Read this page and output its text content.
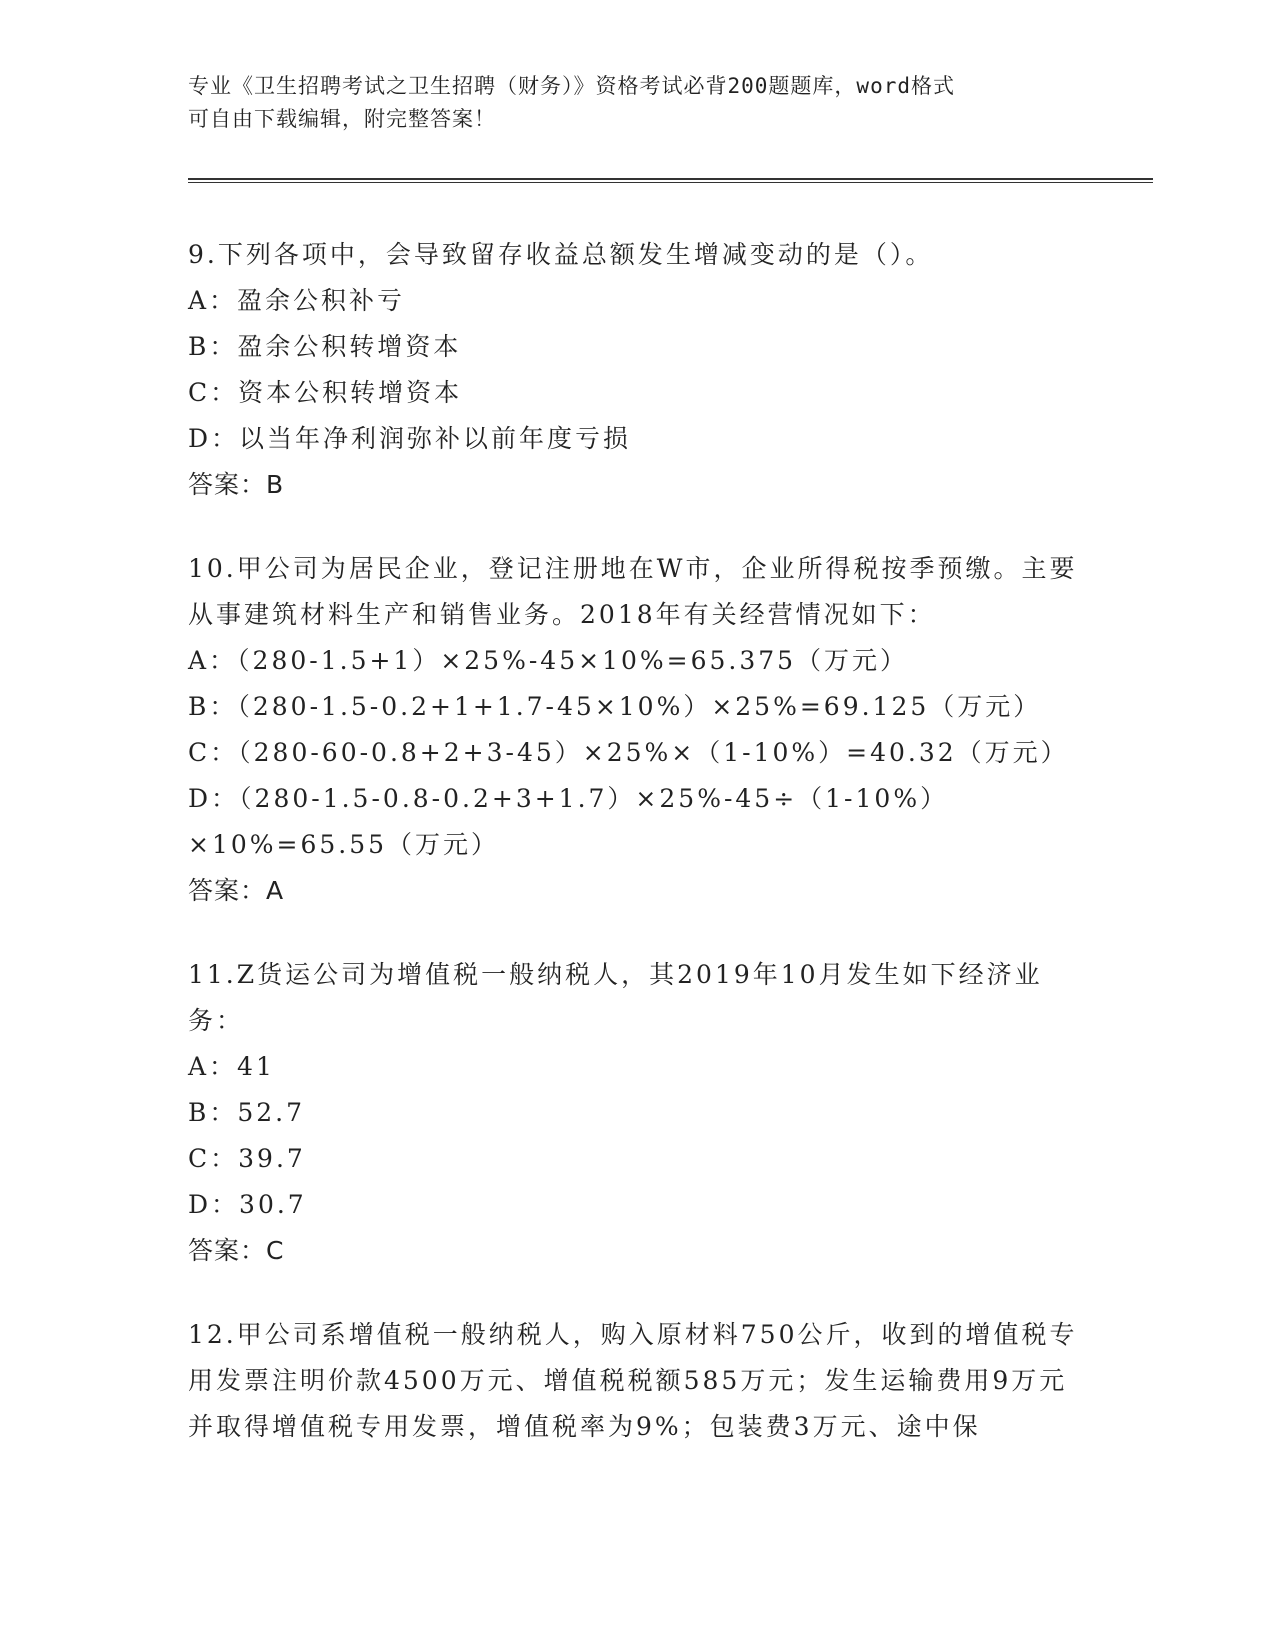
专业《卫生招聘考试之卫生招聘（财务）》资格考试必背200题题库，word格式
可自由下载编辑，附完整答案！
9.下列各项中，会导致留存收益总额发生增减变动的是（）。
A：盈余公积补亏
B：盈余公积转增资本
C：资本公积转增资本
D：以当年净利润弥补以前年度亏损
答案：B
10.甲公司为居民企业，登记注册地在W市，企业所得税按季预缴。主要从事建筑材料生产和销售业务。2018年有关经营情况如下：
A：（280-1.5+1）×25%-45×10%=65.375（万元）
B：（280-1.5-0.2+1+1.7-45×10%）×25%=69.125（万元）
C：（280-60-0.8+2+3-45）×25%×（1-10%）=40.32（万元）
D：（280-1.5-0.8-0.2+3+1.7）×25%-45÷（1-10%）×10%=65.55（万元）
答案：A
11.Z货运公司为增值税一般纳税人，其2019年10月发生如下经济业务：
A：41
B：52.7
C：39.7
D：30.7
答案：C
12.甲公司系增值税一般纳税人，购入原材料750公斤，收到的增值税专用发票注明价款4500万元、增值税税额585万元；发生运输费用9万元并取得增值税专用发票，增值税率为9%；包装费3万元、途中保
